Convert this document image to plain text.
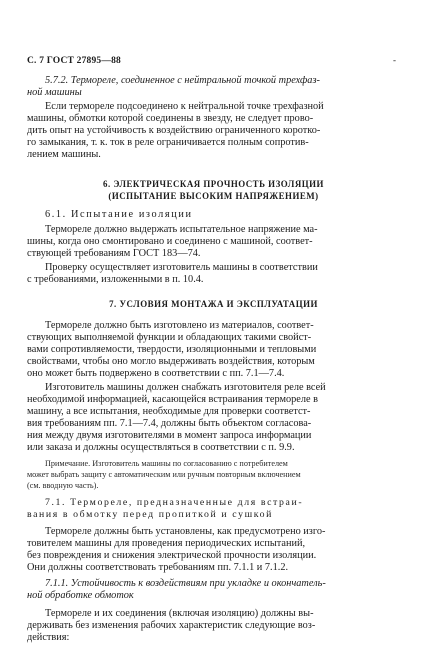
С. 7 ГОСТ 27895—88	-
5.7.2. Термореле, соединенное с нейтральной точкой трехфаз-
ной машины
Если термореле подсоединено к нейтральной точке трехфазной
машины, обмотки которой соединены в звезду, не следует прово-
дить опыт на устойчивость к воздействию ограниченного коротко-
го замыкания, т. к. ток в реле ограничивается полным сопротив-
лением машины.
6. ЭЛЕКТРИЧЕСКАЯ ПРОЧНОСТЬ ИЗОЛЯЦИИ
(ИСПЫТАНИЕ ВЫСОКИМ НАПРЯЖЕНИЕМ)
6.1. Испытание изоляции
Термореле должно выдержать испытательное напряжение ма-
шины, когда оно смонтировано и соединено с машиной, соответ-
ствующей требованиям ГОСТ 183—74.
Проверку осуществляет изготовитель машины в соответствии
с требованиями, изложенными в п. 10.4.
7. УСЛОВИЯ МОНТАЖА И ЭКСПЛУАТАЦИИ
Термореле должно быть изготовлено из материалов, соответ-
ствующих выполняемой функции и обладающих такими свойст-
вами сопротивляемости, твердости, изоляционными и тепловыми
свойствами, чтобы оно могло выдерживать воздействия, которым
оно может быть подвержено в соответствии с пп. 7.1—7.4.
Изготовитель машины должен снабжать изготовителя реле всей
необходимой информацией, касающейся встраивания термореле в
машину, а все испытания, необходимые для проверки соответст-
вия требованиям пп. 7.1—7.4, должны быть объектом согласова-
ния между двумя изготовителями в момент запроса информации
или заказа и должны осуществляться в соответствии с п. 9.9.
Примечание. Изготовитель машины по согласованию с потребителем
может выбрать защиту с автоматическим или ручным повторным включением
(см. вводную часть).
7.1. Термореле, предназначенные для встраи-
вания в обмотку перед пропиткой и сушкой
Термореле должны быть установлены, как предусмотрено изго-
товителем машины для проведения периодических испытаний,
без повреждения и снижения электрической прочности изоляции.
Они должны соответствовать требованиям пп. 7.1.1 и 7.1.2.
7.1.1. Устойчивость к воздействиям при укладке и окончатель-
ной обработке обмоток
Термореле и их соединения (включая изоляцию) должны вы-
держивать без изменения рабочих характеристик следующие воз-
действия:
